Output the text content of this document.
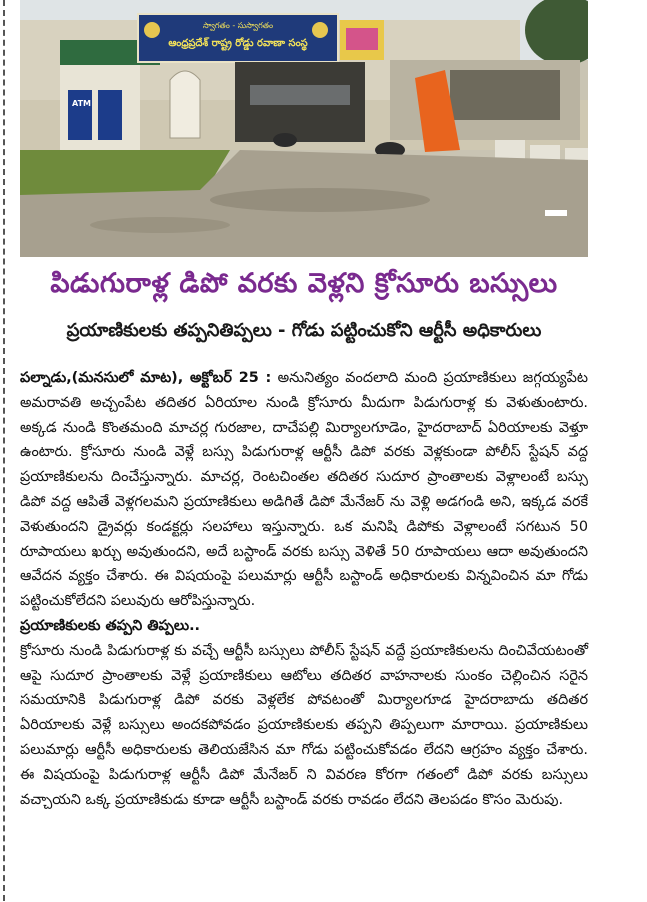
ATM
స్వాగతం - సుస్వాగతం
ఆంధ్రప్రదేశ్ రాష్ట్ర రోడ్డు రవాణా సంస్థ
పిడుగురాళ్ల డిపో వరకు వెళ్లని క్రోసూరు బస్సులు
ప్రయాణికులకు తప్పనితిప్పలు - గోడు పట్టించుకోని ఆర్టీసీ అధికారులు

పల్నాడు,(మనసులో మాట), అక్టోబర్ 25 : అనునిత్యం వందలాది మంది ప్రయాణికులు జగ్గయ్యపేట అమరావతి అచ్చంపేట తదితర ఏరియాల నుండి క్రోసూరు మీదుగా పిడుగురాళ్ల కు వెళుతుంటారు. అక్కడ నుండి కొంతమంది మాచర్ల గురజాల, దాచేపల్లి మిర్యాలగూడెం, హైదరాబాద్ ఏరియాలకు వెళ్తూ ఉంటారు. క్రోసూరు నుండి వెళ్లే బస్సు పిడుగురాళ్ల ఆర్టీసీ డిపో వరకు వెళ్లకుండా పోలీస్ స్టేషన్ వద్ద ప్రయాణికులను దించేస్తున్నారు. మాచర్ల, రెంటచింతల తదితర సుదూర ప్రాంతాలకు వెళ్లాలంటే బస్సు డిపో వద్ద ఆపితే వెళ్లగలమని ప్రయాణికులు అడిగితే డిపో మేనేజర్ ను వెళ్లి అడగండి అని, ఇక్కడ వరకే వెళుతుందని డ్రైవర్లు కండక్టర్లు సలహాలు ఇస్తున్నారు. ఒక మనిషి డిపోకు వెళ్లాలంటే సగటున 50 రూపాయలు ఖర్చు అవుతుందని, అదే బస్టాండ్ వరకు బస్సు వెళితే 50 రూపాయలు ఆదా అవుతుందని ఆవేదన వ్యక్తం చేశారు. ఈ విషయంపై పలుమార్లు ఆర్టీసీ బస్టాండ్ అధికారులకు విన్నవించిన మా గోడు పట్టించుకోలేదని పలువురు ఆరోపిస్తున్నారు.

ప్రయాణికులకు తప్పని తిప్పలు..

క్రోసూరు నుండి పిడుగురాళ్ల కు వచ్చే ఆర్టీసీ బస్సులు పోలీస్ స్టేషన్ వద్దే ప్రయాణికులను దించివేయటంతో ఆపై సుదూర ప్రాంతాలకు వెళ్లే ప్రయాణికులు ఆటోలు తదితర వాహనాలకు సుంకం చెల్లించిన సరైన సమయానికి పిడుగురాళ్ల డిపో వరకు వెళ్లలేక పోవటంతో మిర్యాలగూడ హైదరాబాదు తదితర ఏరియాలకు వెళ్లే బస్సులు అందకపోవడం ప్రయాణికులకు తప్పని తిప్పలుగా మారాయి. ప్రయాణికులు పలుమార్లు ఆర్టీసీ అధికారులకు తెలియజేసిన మా గోడు పట్టించుకోవడం లేదని ఆగ్రహం వ్యక్తం చేశారు. ఈ విషయంపై పిడుగురాళ్ల ఆర్టీసీ డిపో మేనేజర్ ని వివరణ కోరగా గతంలో డిపో వరకు బస్సులు వచ్చాయని ఒక్క ప్రయాణికుడు కూడా ఆర్టీసీ బస్టాండ్ వరకు రావడం లేదని తెలపడం కొసం మెరుపు.
